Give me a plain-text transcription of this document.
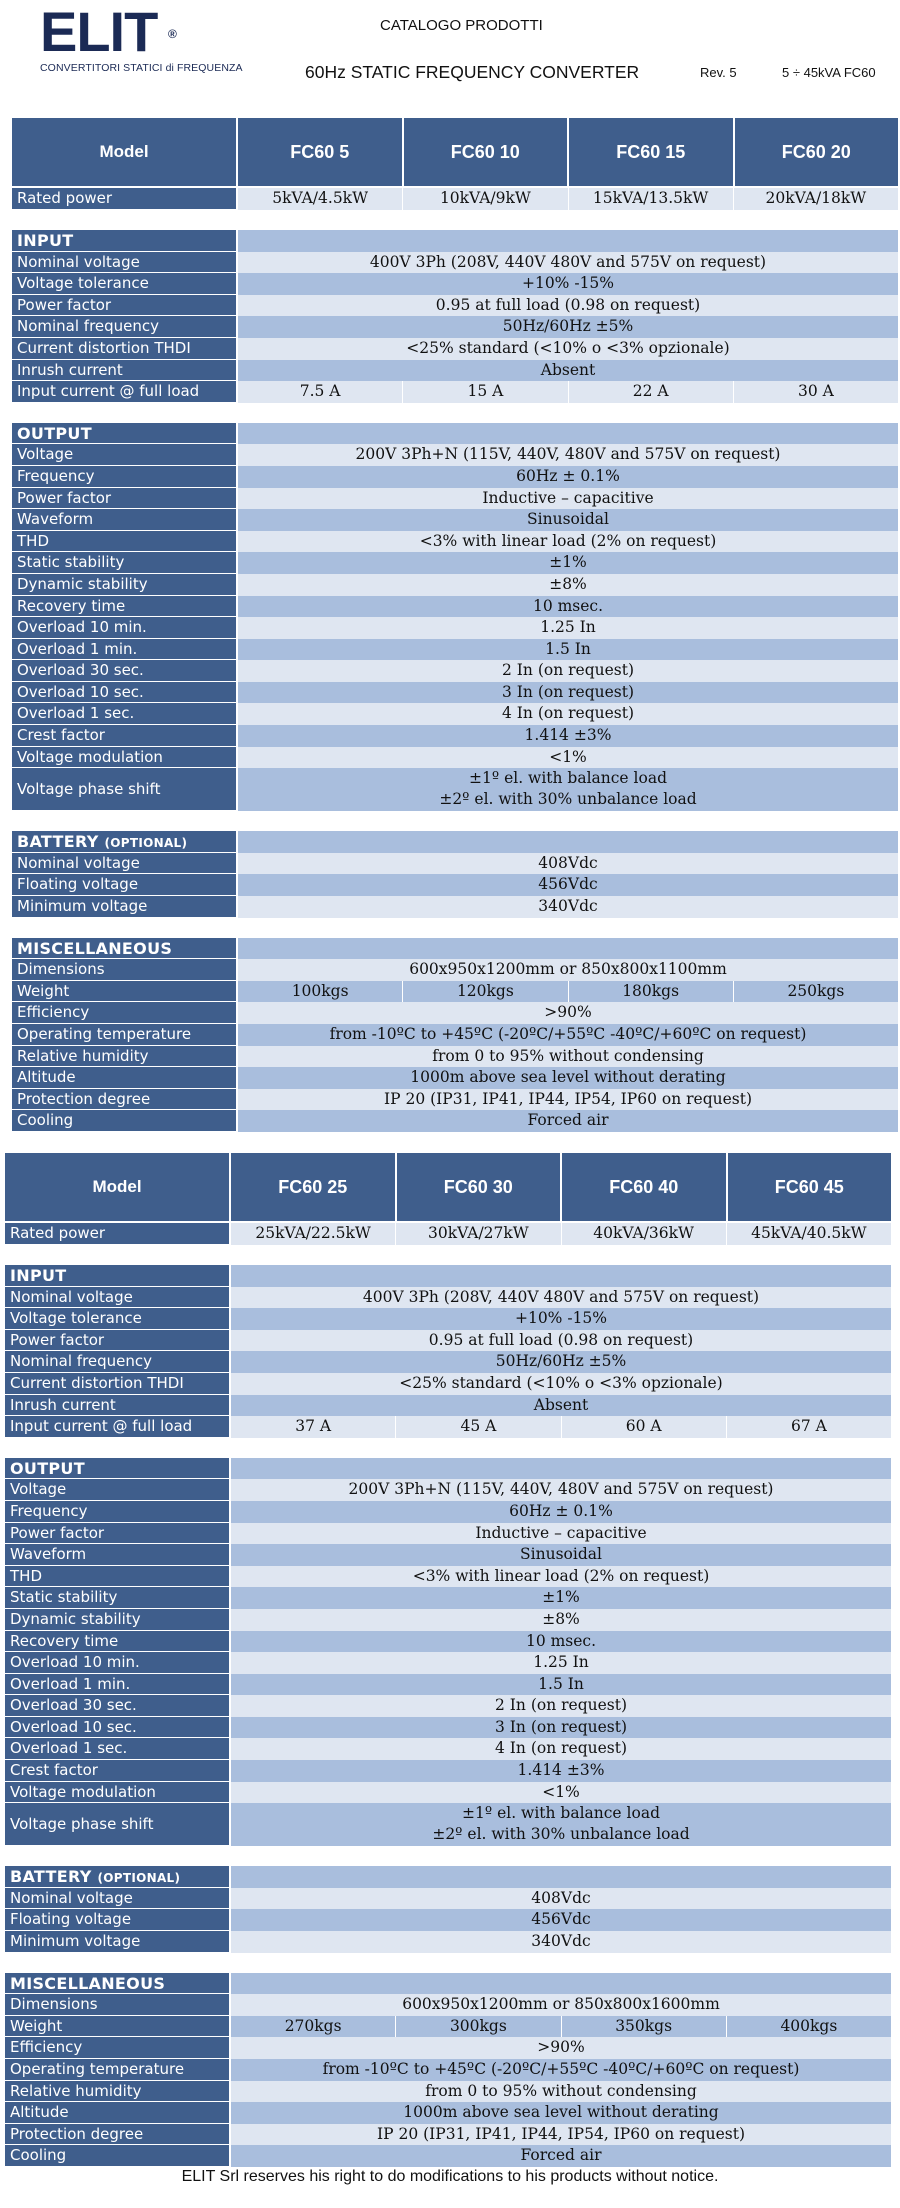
ELIT ®
CONVERTITORI STATICI di FREQUENZA
CATALOGO PRODOTTI
60Hz STATIC FREQUENCY CONVERTER	Rev. 5	5 ÷ 45kVA FC60
Model	FC60 5	FC60 10	FC60 15	FC60 20
Rated power	5kVA/4.5kW	10kVA/9kW	15kVA/13.5kW	20kVA/18kW
INPUT
Nominal voltage	400V 3Ph (208V, 440V 480V and 575V on request)
Voltage tolerance	+10% -15%
Power factor	0.95 at full load (0.98 on request)
Nominal frequency	50Hz/60Hz ±5%
Current distortion THDI	<25% standard (<10% o <3% opzionale)
Inrush current	Absent
Input current @ full load	7.5 A	15 A	22 A	30 A
OUTPUT
Voltage	200V 3Ph+N (115V, 440V, 480V and 575V on request)
Frequency	60Hz ± 0.1%
Power factor	Inductive – capacitive
Waveform	Sinusoidal
THD	<3% with linear load (2% on request)
Static stability	±1%
Dynamic stability	±8%
Recovery time	10 msec.
Overload 10 min.	1.25 In
Overload 1 min.	1.5 In
Overload 30 sec.	2 In (on request)
Overload 10 sec.	3 In (on request)
Overload 1 sec.	4 In (on request)
Crest factor	1.414 ±3%
Voltage modulation	<1%
Voltage phase shift
±1º el. with balance load
±2º el. with 30% unbalance load
BATTERY (OPTIONAL)
Nominal voltage	408Vdc
Floating voltage	456Vdc
Minimum voltage	340Vdc
MISCELLANEOUS
Dimensions	600x950x1200mm or 850x800x1100mm
Weight	100kgs	120kgs	180kgs	250kgs
Efficiency	>90%
Operating temperature	from -10ºC to +45ºC (-20ºC/+55ºC -40ºC/+60ºC on request)
Relative humidity	from 0 to 95% without condensing
Altitude	1000m above sea level without derating
Protection degree	IP 20 (IP31, IP41, IP44, IP54, IP60 on request)
Cooling	Forced air
Model	FC60 25	FC60 30	FC60 40	FC60 45
Rated power	25kVA/22.5kW	30kVA/27kW	40kVA/36kW	45kVA/40.5kW
INPUT
Nominal voltage	400V 3Ph (208V, 440V 480V and 575V on request)
Voltage tolerance	+10% -15%
Power factor	0.95 at full load (0.98 on request)
Nominal frequency	50Hz/60Hz ±5%
Current distortion THDI	<25% standard (<10% o <3% opzionale)
Inrush current	Absent
Input current @ full load	37 A	45 A	60 A	67 A
OUTPUT
Voltage	200V 3Ph+N (115V, 440V, 480V and 575V on request)
Frequency	60Hz ± 0.1%
Power factor	Inductive – capacitive
Waveform	Sinusoidal
THD	<3% with linear load (2% on request)
Static stability	±1%
Dynamic stability	±8%
Recovery time	10 msec.
Overload 10 min.	1.25 In
Overload 1 min.	1.5 In
Overload 30 sec.	2 In (on request)
Overload 10 sec.	3 In (on request)
Overload 1 sec.	4 In (on request)
Crest factor	1.414 ±3%
Voltage modulation	<1%
Voltage phase shift
±1º el. with balance load
±2º el. with 30% unbalance load
BATTERY (OPTIONAL)
Nominal voltage	408Vdc
Floating voltage	456Vdc
Minimum voltage	340Vdc
MISCELLANEOUS
Dimensions	600x950x1200mm or 850x800x1600mm
Weight	270kgs	300kgs	350kgs	400kgs
Efficiency	>90%
Operating temperature	from -10ºC to +45ºC (-20ºC/+55ºC -40ºC/+60ºC on request)
Relative humidity	from 0 to 95% without condensing
Altitude	1000m above sea level without derating
Protection degree	IP 20 (IP31, IP41, IP44, IP54, IP60 on request)
Cooling	Forced air
ELIT Srl reserves his right to do modifications to his products without notice.
